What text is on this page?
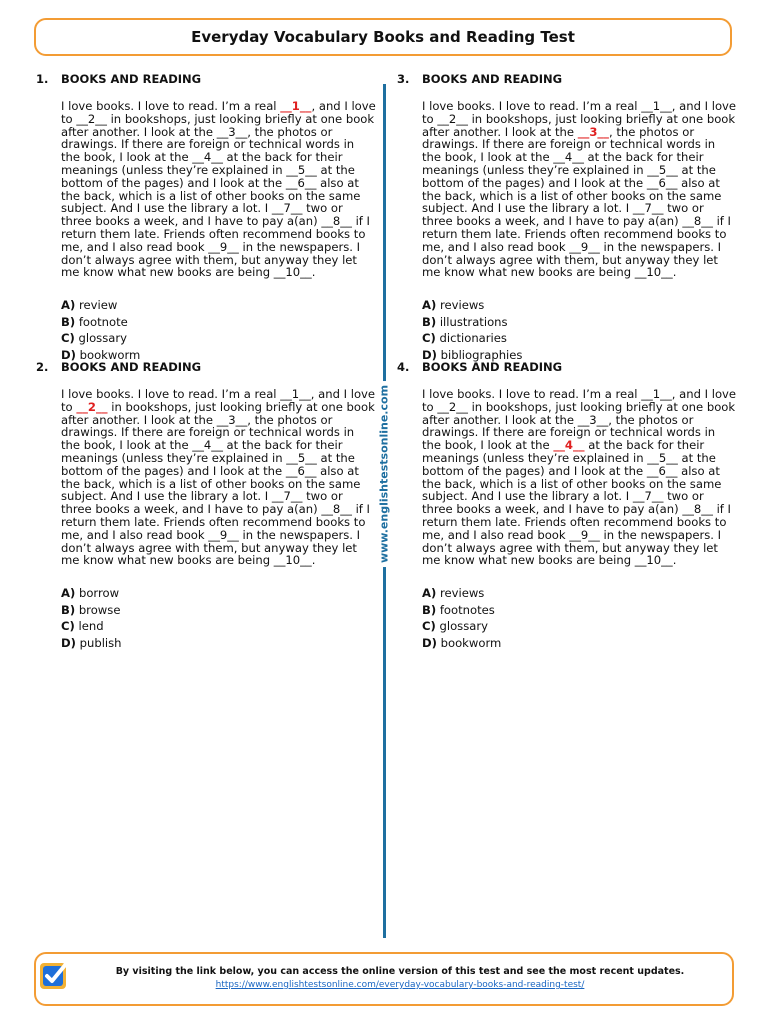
Everyday Vocabulary Books and Reading Test
1.	BOOKS AND READING
I love books. I love to read. I’m a real __1__, and I love to __2__ in bookshops, just looking briefly at one book after another. I look at the __3__, the photos or drawings. If there are foreign or technical words in the book, I look at the __4__ at the back for their meanings (unless they’re explained in __5__ at the bottom of the pages) and I look at the __6__ also at the back, which is a list of other books on the same subject. And I use the library a lot. I __7__ two or three books a week, and I have to pay a(an) __8__ if I return them late. Friends often recommend books to me, and I also read book __9__ in the newspapers. I don’t always agree with them, but anyway they let me know what new books are being __10__.
A) review
B) footnote
C) glossary
D) bookworm
2.	BOOKS AND READING
I love books. I love to read. I’m a real __1__, and I love to __2__ in bookshops, just looking briefly at one book after another. I look at the __3__, the photos or drawings. If there are foreign or technical words in the book, I look at the __4__ at the back for their meanings (unless they’re explained in __5__ at the bottom of the pages) and I look at the __6__ also at the back, which is a list of other books on the same subject. And I use the library a lot. I __7__ two or three books a week, and I have to pay a(an) __8__ if I return them late. Friends often recommend books to me, and I also read book __9__ in the newspapers. I don’t always agree with them, but anyway they let me know what new books are being __10__.
A) borrow
B) browse
C) lend
D) publish
www.englishtestsonline.com
3.	BOOKS AND READING
I love books. I love to read. I’m a real __1__, and I love to __2__ in bookshops, just looking briefly at one book after another. I look at the __3__, the photos or drawings. If there are foreign or technical words in the book, I look at the __4__ at the back for their meanings (unless they’re explained in __5__ at the bottom of the pages) and I look at the __6__ also at the back, which is a list of other books on the same subject. And I use the library a lot. I __7__ two or three books a week, and I have to pay a(an) __8__ if I return them late. Friends often recommend books to me, and I also read book __9__ in the newspapers. I don’t always agree with them, but anyway they let me know what new books are being __10__.
A) reviews
B) illustrations
C) dictionaries
D) bibliographies
4.	BOOKS AND READING
I love books. I love to read. I’m a real __1__, and I love to __2__ in bookshops, just looking briefly at one book after another. I look at the __3__, the photos or drawings. If there are foreign or technical words in the book, I look at the __4__ at the back for their meanings (unless they’re explained in __5__ at the bottom of the pages) and I look at the __6__ also at the back, which is a list of other books on the same subject. And I use the library a lot. I __7__ two or three books a week, and I have to pay a(an) __8__ if I return them late. Friends often recommend books to me, and I also read book __9__ in the newspapers. I don’t always agree with them, but anyway they let me know what new books are being __10__.
A) reviews
B) footnotes
C) glossary
D) bookworm
By visiting the link below, you can access the online version of this test and see the most recent updates.
https://www.englishtestsonline.com/everyday-vocabulary-books-and-reading-test/
